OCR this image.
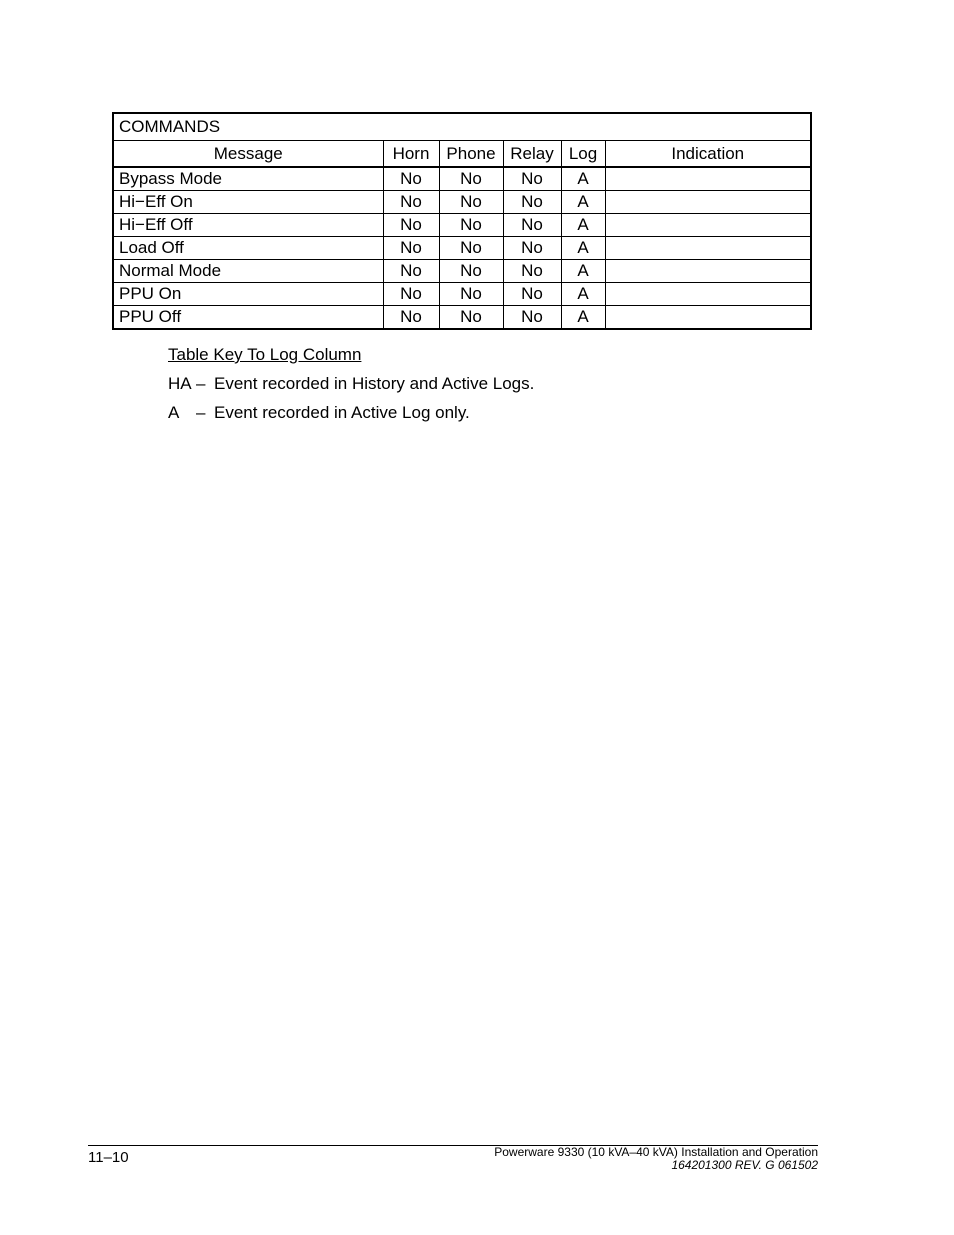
COMMANDS					
Message	Horn	Phone	Relay	Log	Indication
Bypass Mode	No	No	No	A	
Hi−Eff On	No	No	No	A	
Hi−Eff Off	No	No	No	A	
Load Off	No	No	No	A	
Normal Mode	No	No	No	A	
PPU On	No	No	No	A	
PPU Off	No	No	No	A	
Table Key To Log Column
HA – Event recorded in History and Active Logs.
A – Event recorded in Active Log only.
11–10	Powerware 9330 (10 kVA–40 kVA) Installation and Operation
164201300 REV. G 061502
